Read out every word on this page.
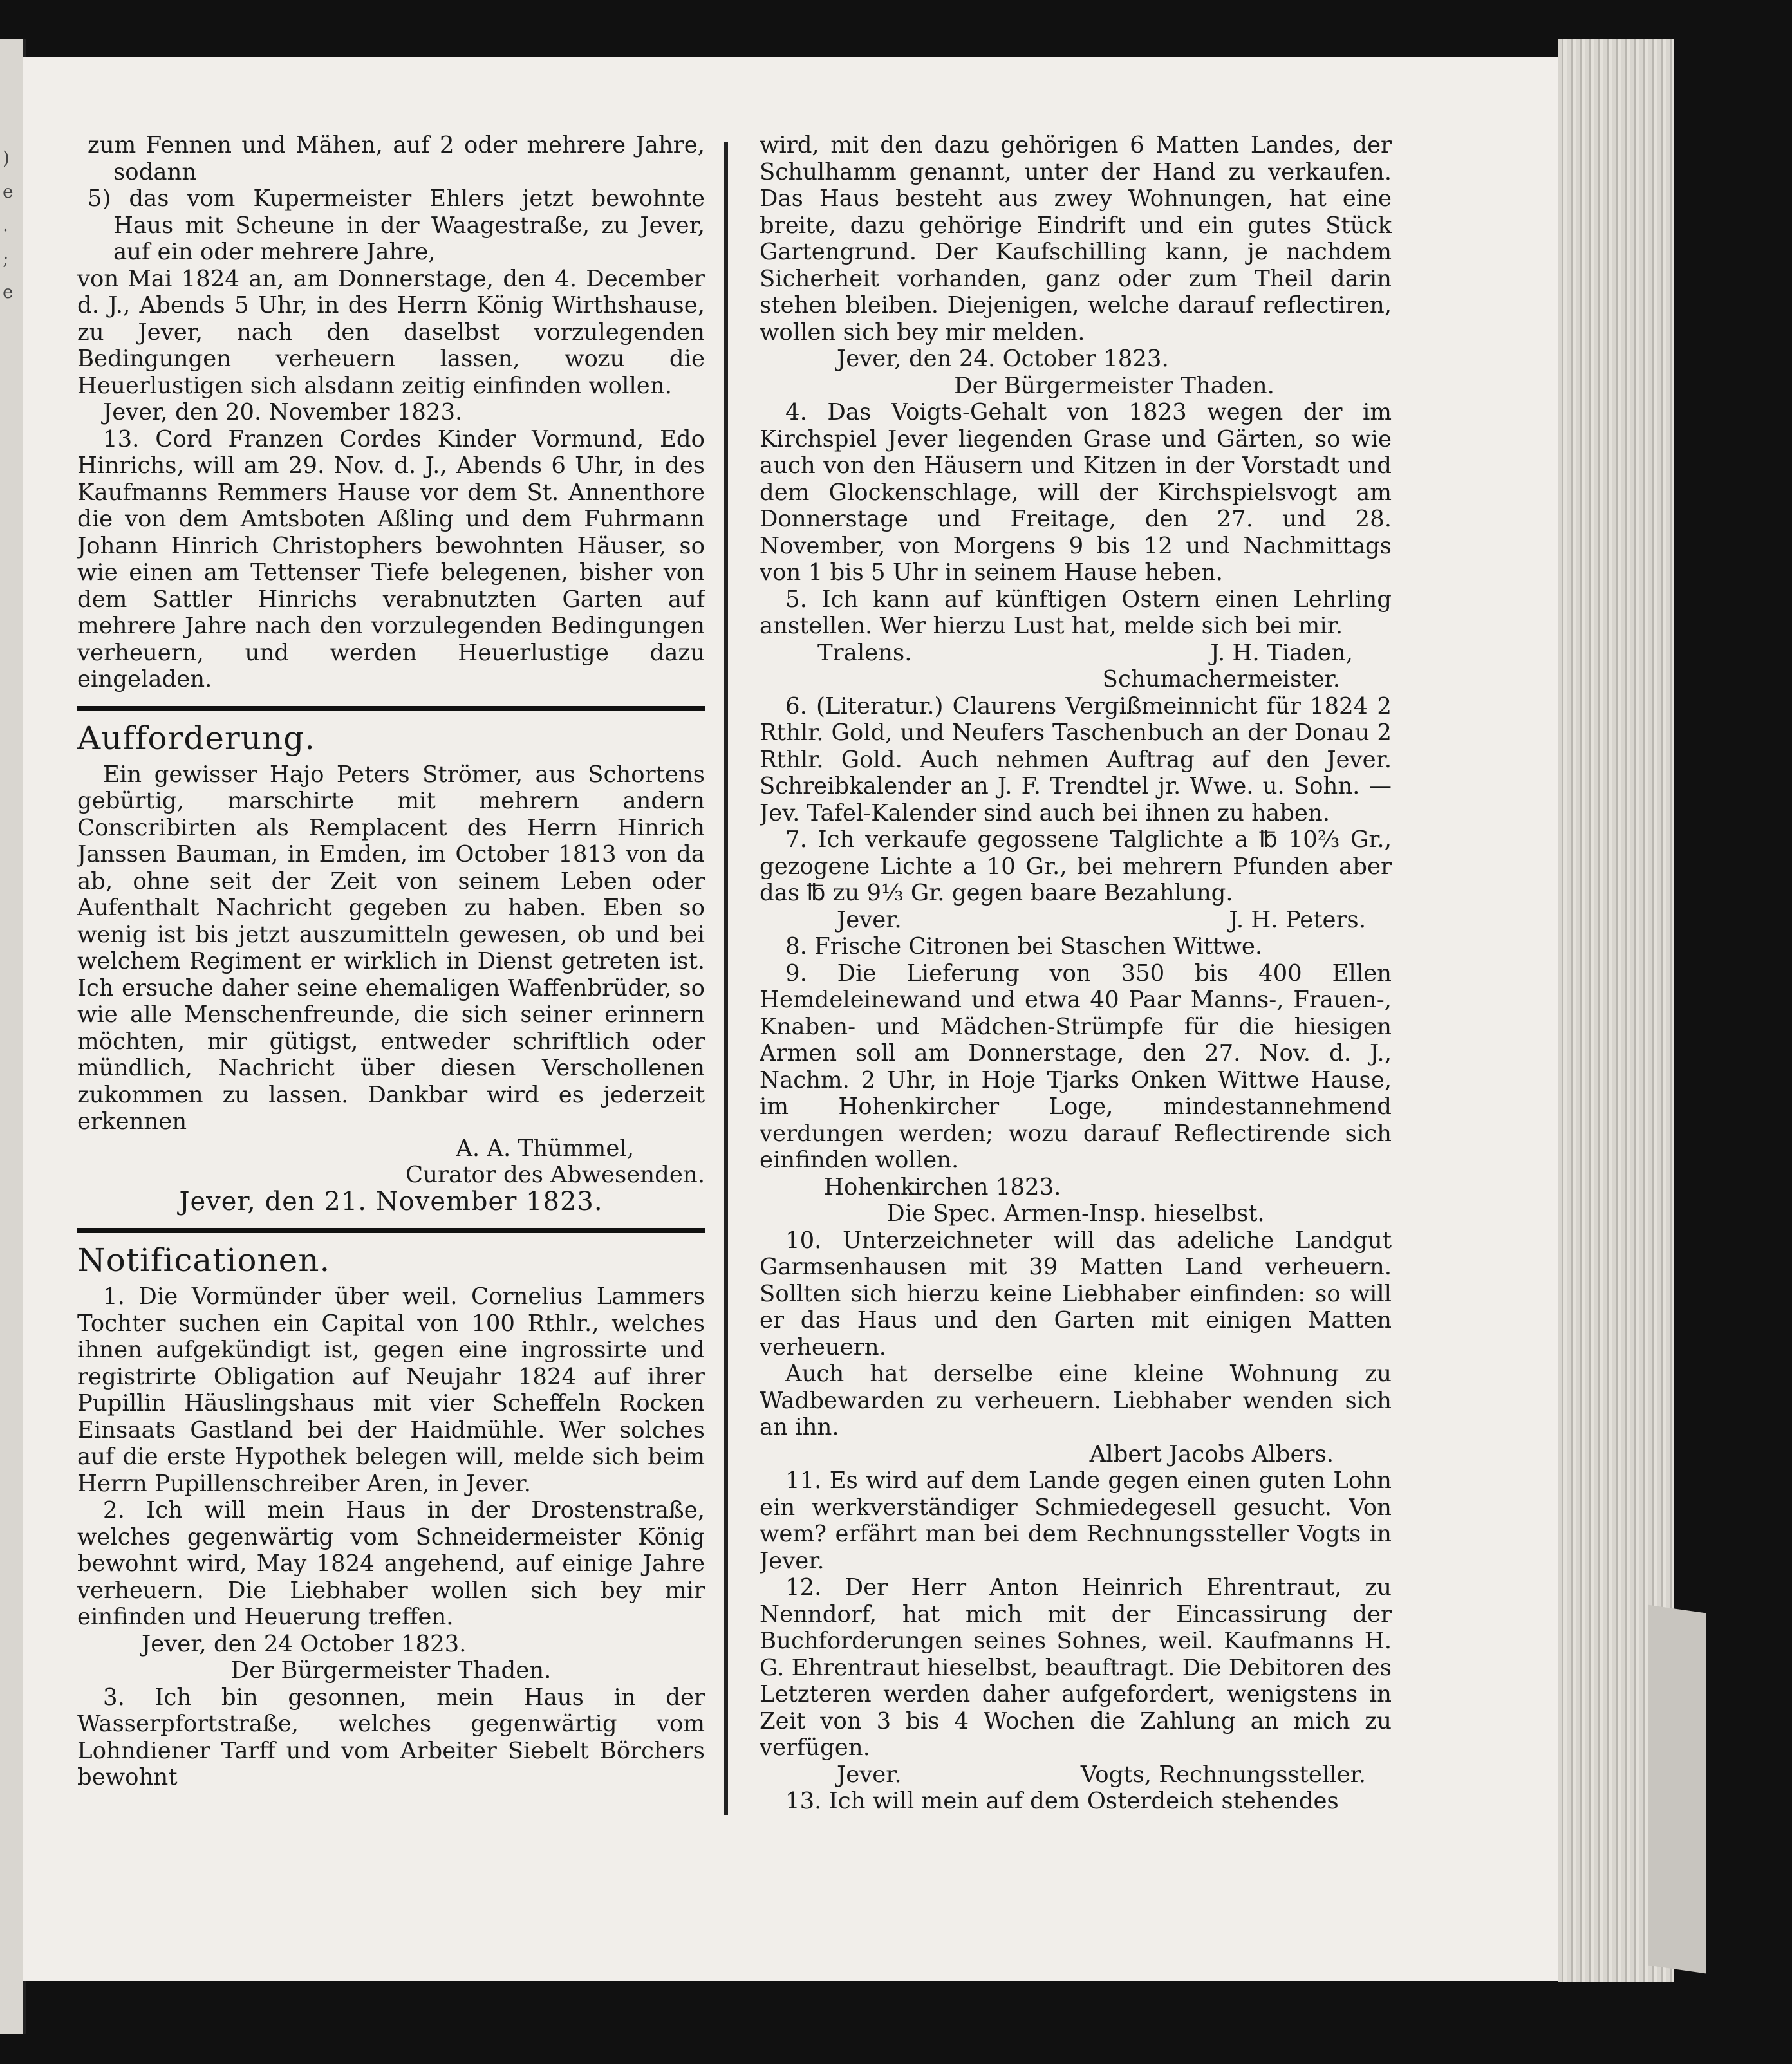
) e . ; e

zum Fennen und Mähen, auf 2 oder mehrere Jahre, sodann

5) das vom Kupermeister Ehlers jetzt bewohnte Haus mit Scheune in der Waagestraße, zu Jever, auf ein oder mehrere Jahre,

von Mai 1824 an, am Donnerstage, den 4. December d. J., Abends 5 Uhr, in des Herrn König Wirthshause, zu Jever, nach den daselbst vorzulegenden Bedingungen verheuern lassen, wozu die Heuerlustigen sich alsdann zeitig einfinden wollen.

Jever, den 20. November 1823.

13. Cord Franzen Cordes Kinder Vormund, Edo Hinrichs, will am 29. Nov. d. J., Abends 6 Uhr, in des Kaufmanns Remmers Hause vor dem St. Annenthore die von dem Amtsboten Aßling und dem Fuhrmann Johann Hinrich Christophers bewohnten Häuser, so wie einen am Tettenser Tiefe belegenen, bisher von dem Sattler Hinrichs verabnutzten Garten auf mehrere Jahre nach den vorzulegenden Bedingungen verheuern, und werden Heuerlustige dazu eingeladen.

Aufforderung.

Ein gewisser Hajo Peters Strömer, aus Schortens gebürtig, marschirte mit mehrern andern Conscribirten als Remplacent des Herrn Hinrich Janssen Bauman, in Emden, im October 1813 von da ab, ohne seit der Zeit von seinem Leben oder Aufenthalt Nachricht gegeben zu haben. Eben so wenig ist bis jetzt auszumitteln gewesen, ob und bei welchem Regiment er wirklich in Dienst getreten ist. Ich ersuche daher seine ehemaligen Waffenbrüder, so wie alle Menschenfreunde, die sich seiner erinnern möchten, mir gütigst, entweder schriftlich oder mündlich, Nachricht über diesen Verschollenen zukommen zu lassen. Dankbar wird es jederzeit erkennen

A. A. Thümmel,

Curator des Abwesenden.

Jever, den 21. November 1823.

Notificationen.

1. Die Vormünder über weil. Cornelius Lammers Tochter suchen ein Capital von 100 Rthlr., welches ihnen aufgekündigt ist, gegen eine ingrossirte und registrirte Obligation auf Neujahr 1824 auf ihrer Pupillin Häuslingshaus mit vier Scheffeln Rocken Einsaats Gastland bei der Haidmühle. Wer solches auf die erste Hypothek belegen will, melde sich beim Herrn Pupillenschreiber Aren, in Jever.

2. Ich will mein Haus in der Drostenstraße, welches gegenwärtig vom Schneidermeister König bewohnt wird, May 1824 angehend, auf einige Jahre verheuern. Die Liebhaber wollen sich bey mir einfinden und Heuerung treffen.

Jever, den 24 October 1823.

Der Bürgermeister Thaden.

3. Ich bin gesonnen, mein Haus in der Wasserpfortstraße, welches gegenwärtig vom Lohndiener Tarff und vom Arbeiter Siebelt Börchers bewohnt

wird, mit den dazu gehörigen 6 Matten Landes, der Schulhamm genannt, unter der Hand zu verkaufen. Das Haus besteht aus zwey Wohnungen, hat eine breite, dazu gehörige Eindrift und ein gutes Stück Gartengrund. Der Kaufschilling kann, je nachdem Sicherheit vorhanden, ganz oder zum Theil darin stehen bleiben. Diejenigen, welche darauf reflectiren, wollen sich bey mir melden.

Jever, den 24. October 1823.

Der Bürgermeister Thaden.

4. Das Voigts-Gehalt von 1823 wegen der im Kirchspiel Jever liegenden Grase und Gärten, so wie auch von den Häusern und Kitzen in der Vorstadt und dem Glockenschlage, will der Kirchspielsvogt am Donnerstage und Freitage, den 27. und 28. November, von Morgens 9 bis 12 und Nachmittags von 1 bis 5 Uhr in seinem Hause heben.

5. Ich kann auf künftigen Ostern einen Lehrling anstellen. Wer hierzu Lust hat, melde sich bei mir.

Tralens.	J. H. Tiaden,

Schumachermeister.

6. (Literatur.) Claurens Vergißmeinnicht für 1824 2 Rthlr. Gold, und Neufers Taschenbuch an der Donau 2 Rthlr. Gold. Auch nehmen Auftrag auf den Jever. Schreibkalender an J. F. Trendtel jr. Wwe. u. Sohn. — Jev. Tafel-Kalender sind auch bei ihnen zu haben.

7. Ich verkaufe gegossene Talglichte a ℔ 10⅔ Gr., gezogene Lichte a 10 Gr., bei mehrern Pfunden aber das ℔ zu 9⅓ Gr. gegen baare Bezahlung.

Jever.	J. H. Peters.

8. Frische Citronen bei Staschen Wittwe.

9. Die Lieferung von 350 bis 400 Ellen Hemdeleinewand und etwa 40 Paar Manns-, Frauen-, Knaben- und Mädchen-Strümpfe für die hiesigen Armen soll am Donnerstage, den 27. Nov. d. J., Nachm. 2 Uhr, in Hoje Tjarks Onken Wittwe Hause, im Hohenkircher Loge, mindestannehmend verdungen werden; wozu darauf Reflectirende sich einfinden wollen.

Hohenkirchen 1823.

Die Spec. Armen-Insp. hieselbst.

10. Unterzeichneter will das adeliche Landgut Garmsenhausen mit 39 Matten Land verheuern. Sollten sich hierzu keine Liebhaber einfinden: so will er das Haus und den Garten mit einigen Matten verheuern.

Auch hat derselbe eine kleine Wohnung zu Wadbewarden zu verheuern. Liebhaber wenden sich an ihn.

Albert Jacobs Albers.

11. Es wird auf dem Lande gegen einen guten Lohn ein werkverständiger Schmiedegesell gesucht. Von wem? erfährt man bei dem Rechnungssteller Vogts in Jever.

12. Der Herr Anton Heinrich Ehrentraut, zu Nenndorf, hat mich mit der Eincassirung der Buchforderungen seines Sohnes, weil. Kaufmanns H. G. Ehrentraut hieselbst, beauftragt. Die Debitoren des Letzteren werden daher aufgefordert, wenigstens in Zeit von 3 bis 4 Wochen die Zahlung an mich zu verfügen.

Jever.	Vogts, Rechnungssteller.

13. Ich will mein auf dem Osterdeich stehendes
